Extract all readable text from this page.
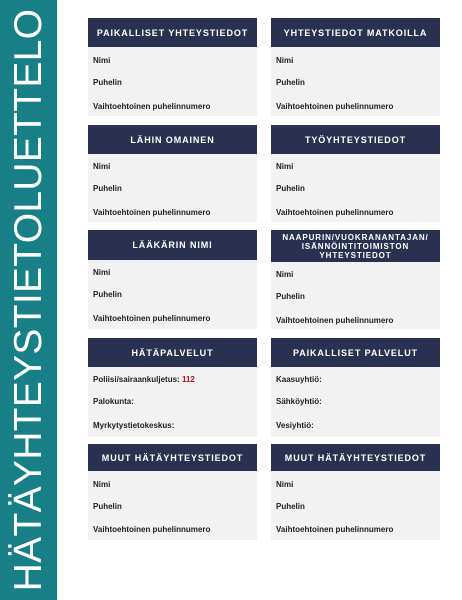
HÄTÄYHTEYSTIETOLUETTELO	PAIKALLISET YHTEYSTIEDOT
Nimi
Puhelin
Vaihtoehtoinen puhelinnumero
YHTEYSTIEDOT MATKOILLA
Nimi
Puhelin
Vaihtoehtoinen puhelinnumero
LÄHIN OMAINEN
Nimi
Puhelin
Vaihtoehtoinen puhelinnumero
TYÖYHTEYSTIEDOT
Nimi
Puhelin
Vaihtoehtoinen puhelinnumero
LÄÄKÄRIN NIMI
Nimi
Puhelin
Vaihtoehtoinen puhelinnumero
NAAPURIN/VUOKRANANTAJAN/ ISÄNNÖINTITOIMISTON YHTEYSTIEDOT
Nimi
Puhelin
Vaihtoehtoinen puhelinnumero
HÄTÄPALVELUT
Poliisi/sairaankuljetus: 112
Palokunta:
Myrkytystietokeskus:
PAIKALLISET PALVELUT
Kaasuyhtiö:
Sähköyhtiö:
Vesiyhtiö:
MUUT HÄTÄYHTEYSTIEDOT
Nimi
Puhelin
Vaihtoehtoinen puhelinnumero
MUUT HÄTÄYHTEYSTIEDOT
Nimi
Puhelin
Vaihtoehtoinen puhelinnumero
